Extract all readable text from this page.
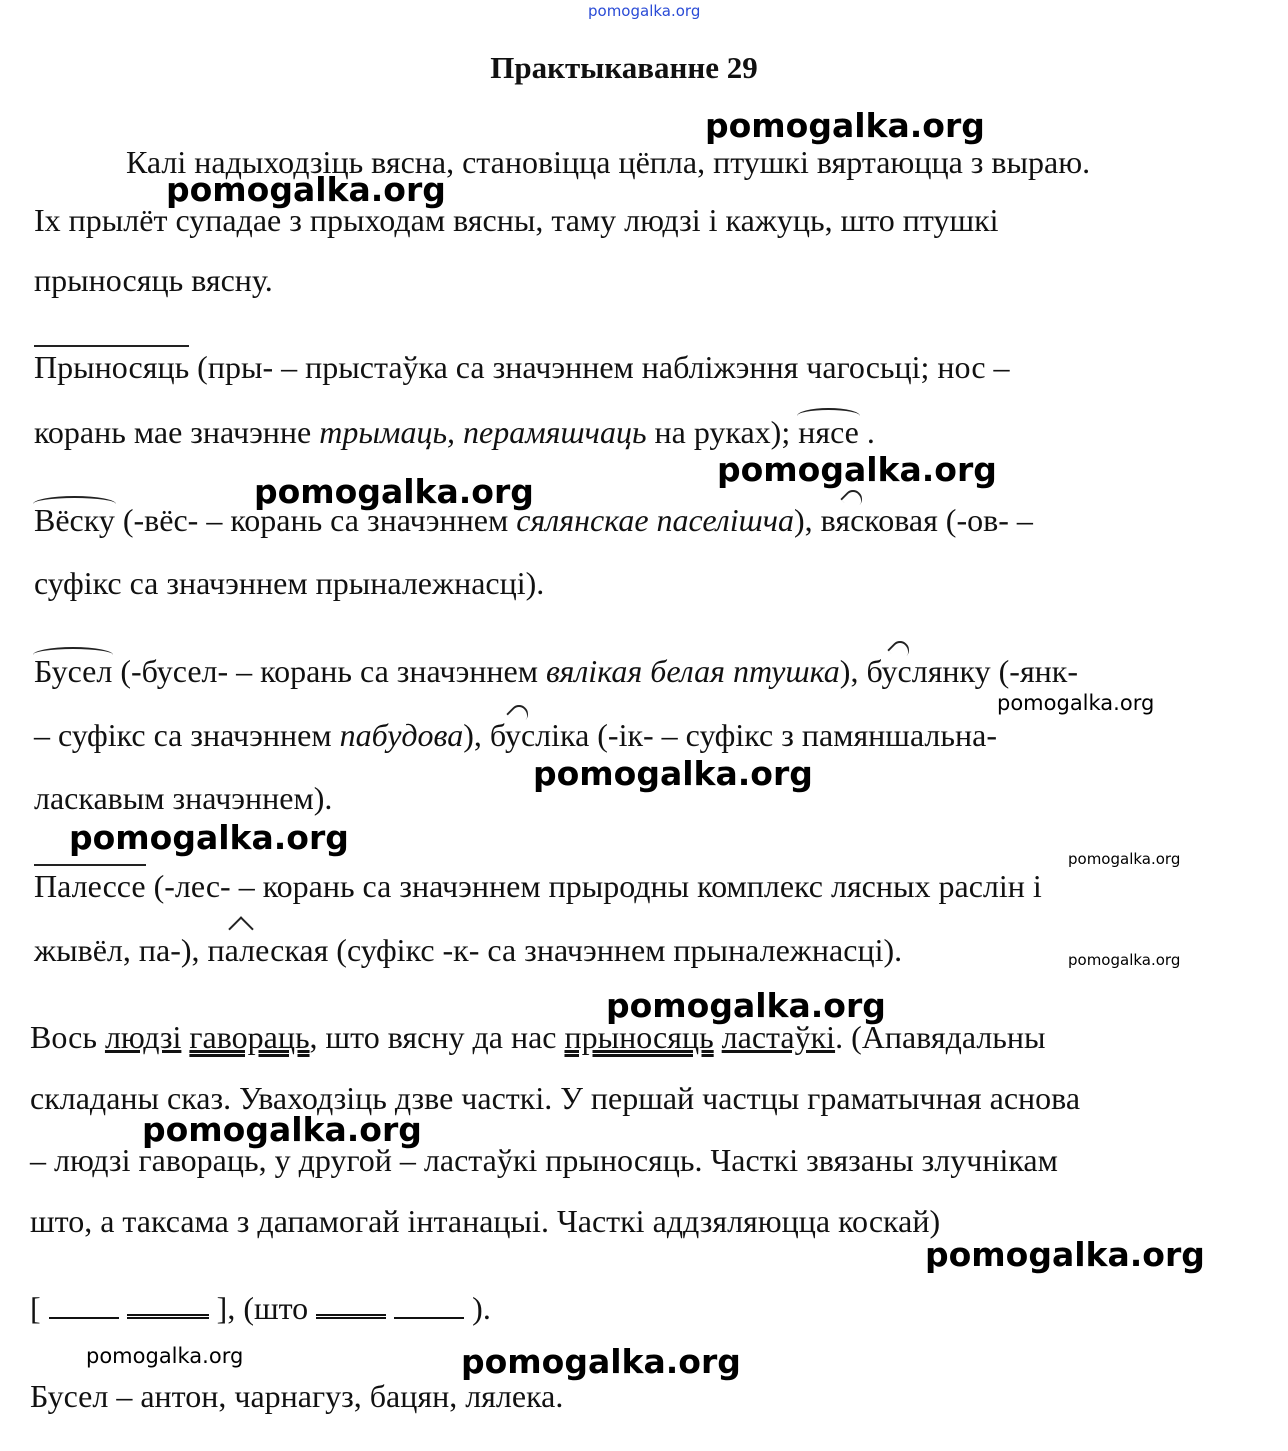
pomogalka.org
Практыкаванне 29
Калі надыходзіць вясна, становіцца цёпла, птушкі вяртаюцца з выраю.
Іх прылёт супадае з прыходам вясны, таму людзі і кажуць, што птушкі
прыносяць вясну.
Прыносяць (пры- – прыстаўка са значэннем набліжэння чагосьці; нос –
корань мае значэнне трымаць, перамяшчаць на руках); нясе .
Вёску (-вёс- – корань са значэннем сялянскае паселішча), вясковая (-ов- –
суфікс са значэннем прыналежнасці).
Бусел (-бусел- – корань са значэннем вялікая белая птушка), буслянку (-янк-
– суфікс са значэннем пабудова), буслiка (-ік- – суфікс з памяншальна-
ласкавым значэннем).
Палессе (-лес- – корань са значэннем прыродны комплекс лясных раслін і
жывёл, па-), палеская (суфікс -к- са значэннем прыналежнасці).
Вось людзі гавораць, што вясну да нас прыносяць ластаўкі. (Апавядальны
складаны сказ. Уваходзіць дзве часткі. У першай частцы граматычная аснова
– людзі гавораць, у другой – ластаўкі прыносяць. Часткі звязаны злучнікам
што, а таксама з дапамогай інтанацыі. Часткі аддзяляюцца коскай)
[	], (што	).
Бусел – антон, чарнагуз, бацян, лялека.
pomogalka.org
pomogalka.org
pomogalka.org
pomogalka.org
pomogalka.org
pomogalka.org
pomogalka.org
pomogalka.org
pomogalka.org
pomogalka.org
pomogalka.org
pomogalka.org
pomogalka.org	pomogalka.org
